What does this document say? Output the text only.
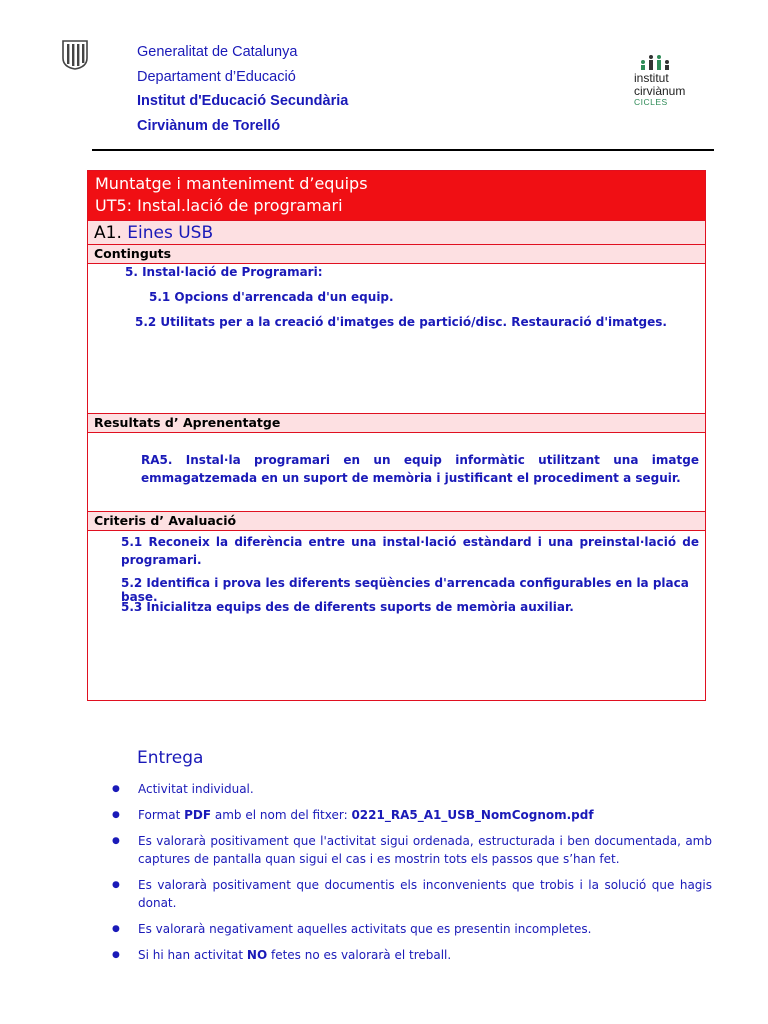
Generalitat de Catalunya
Departament d’Educació
Institut d'Educació Secundària
Cirviànum de Torelló
institut
cirviànum
CICLES
Muntatge i manteniment d’equips
UT5: Instal.lació de programari
A1. Eines USB
Continguts

5. Instal·lació de Programari:

5.1 Opcions d'arrencada d'un equip.

5.2 Utilitats per a la creació d'imatges de partició/disc. Restauració d'imatges.

Resultats d’ Aprenentatge

RA5. Instal·la programari en un equip informàtic utilitzant una imatge emmagatzemada en un suport de memòria i justificant el procediment a seguir.

Criteris d’ Avaluació

5.1 Reconeix la diferència entre una instal·lació estàndard i una preinstal·lació de programari.

5.2 Identifica i prova les diferents seqüències d'arrencada configurables en la placa base.

5.3 Inicialitza equips des de diferents suports de memòria auxiliar.

Entrega
●	Activitat individual.
●	Format PDF amb el nom del fitxer: 0221_RA5_A1_USB_NomCognom.pdf
●	Es valorarà positivament que l'activitat sigui ordenada, estructurada i ben documentada, amb captures de pantalla quan sigui el cas i es mostrin tots els passos que s’han fet.
●	Es valorarà positivament que documentis els inconvenients que trobis i la solució que hagis donat.
●	Es valorarà negativament aquelles activitats que es presentin incompletes.
●	Si hi han activitat NO fetes no es valorarà el treball.
